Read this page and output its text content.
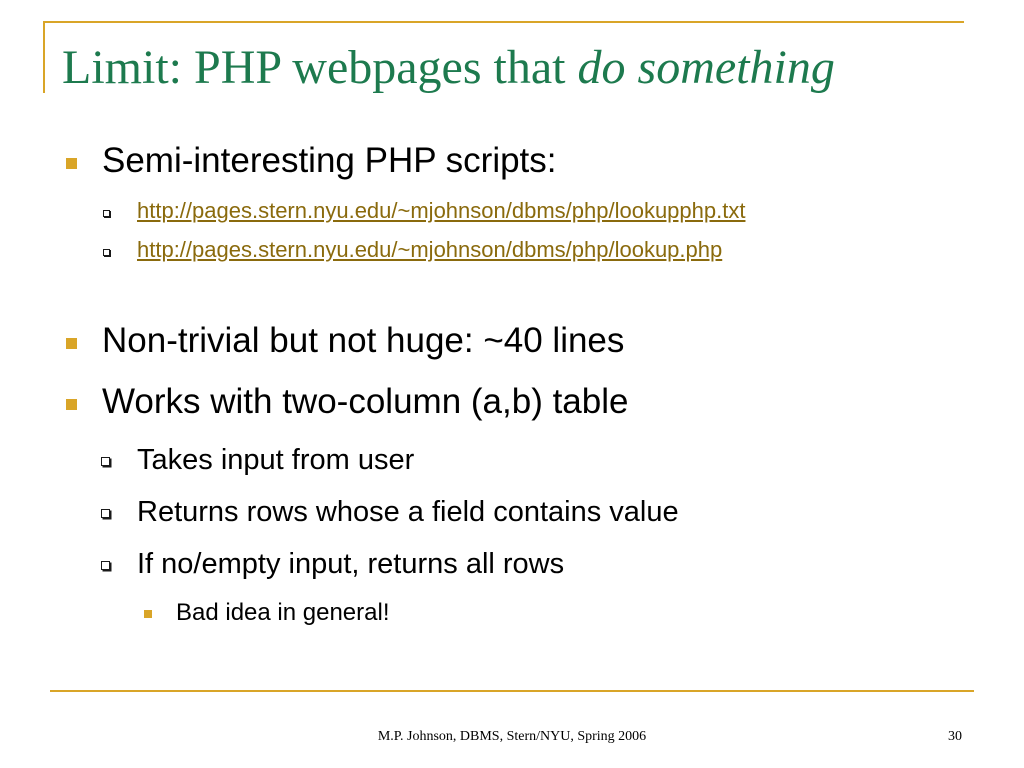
Limit: PHP webpages that do something
Semi-interesting PHP scripts:
http://pages.stern.nyu.edu/~mjohnson/dbms/php/lookupphp.txt
http://pages.stern.nyu.edu/~mjohnson/dbms/php/lookup.php
Non-trivial but not huge: ~40 lines
Works with two-column (a,b) table
Takes input from user
Returns rows whose a field contains value
If no/empty input, returns all rows
Bad idea in general!
M.P. Johnson, DBMS, Stern/NYU, Spring 2006	30
